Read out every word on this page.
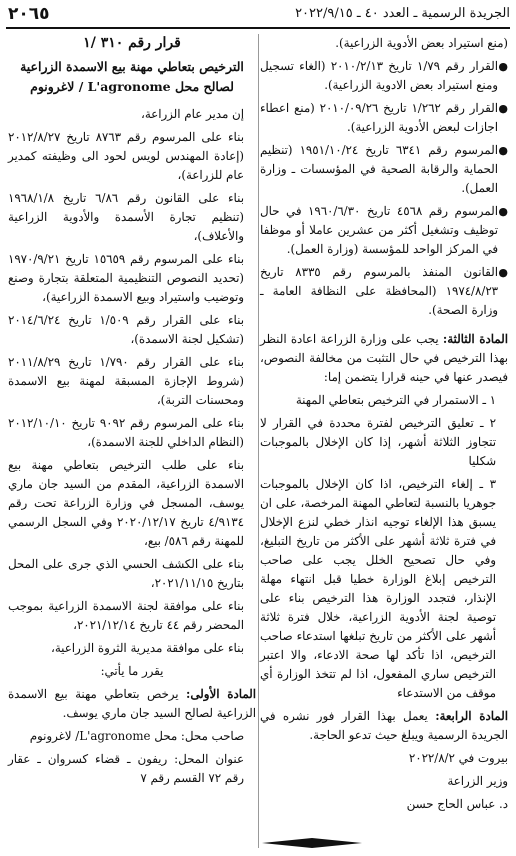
الجريدة الرسمية ـ العدد ٤٠ ـ ٢٠٢٢/٩/١٥
٢٠٦٥

(منع استيراد بعض الأدوية الزراعية).

●
القرار رقم ١/٧٩ تاريخ ٢٠١٠/٢/١٣ (الغاء تسجيل ومنع استيراد بعض الادوية الزراعية).

●
القرار رقم ١/٢٦٢ تاريخ ٢٠١٠/٠٩/٢٦ (منع اعطاء اجازات لبعض الأدوية الزراعية).

●
المرسوم رقم ٦٣٤١ تاريخ ١٩٥١/١٠/٢٤ (تنظيم الحماية والرقابة الصحية في المؤسسات ـ وزارة العمل).

●
المرسوم رقم ٤٥٦٨ تاريخ ١٩٦٠/٦/٣٠ في حال توظيف وتشغيل أكثر من عشرين عاملا أو موظفا في المركز الواحد للمؤسسة (وزارة العمل).

●
القانون المنفذ بالمرسوم رقم ٨٣٣٥ تاريخ ١٩٧٤/٨/٢٣ (المحافظة على النظافة العامة ـ وزارة الصحة).

المادة الثالثة: يجب على وزارة الزراعة اعادة النظر بهذا الترخيص في حال التثبت من مخالفة النصوص، فيصدر عنها في حينه قرارا يتضمن إما:

١ ـ الاستمرار في الترخيص بتعاطي المهنة

٢ ـ تعليق الترخيص لفترة محددة في القرار لا تتجاوز الثلاثة أشهر، إذا كان الإخلال بالموجبات شكليا

٣ ـ إلغاء الترخيص، اذا كان الإخلال بالموجبات جوهريا بالنسبة لتعاطي المهنة المرخصة، على ان يسبق هذا الإلغاء توجيه انذار خطي لنزع الإخلال في فترة ثلاثة أشهر على الأكثر من تاريخ التبليغ، وفي حال تصحيح الخلل يجب على صاحب الترخيص إبلاغ الوزارة خطيا قبل انتهاء مهلة الإنذار، فتجدد الوزارة هذا الترخيص بناء على توصية لجنة الأدوية الزراعية، خلال فترة ثلاثة أشهر على الأكثر من تاريخ تبلغها استدعاء صاحب الترخيص، اذا تأكد لها صحة الادعاء، والا اعتبر الترخيص ساري المفعول، اذا لم تتخذ الوزارة أي موقف من الاستدعاء

المادة الرابعة: يعمل بهذا القرار فور نشره في الجريدة الرسمية ويبلغ حيث تدعو الحاجة.

بيروت في ٢٠٢٢/٨/٢

وزير الزراعة

د. عباس الحاج حسن

قرار رقم ٣١٠ /١
الترخيص بتعاطي مهنة بيع الاسمدة الزراعية لصالح محل L'agronome / لاغرونوم

إن مدير عام الزراعة،

بناء على المرسوم رقم ٨٧٦٣ تاريخ ٢٠١٢/٨/٢٧ (إعادة المهندس لويس لحود الى وظيفته كمدير عام للزراعة)،

بناء على القانون رقم ٦/٨٦ تاريخ ١٩٦٨/١/٨ (تنظيم تجارة الأسمدة والأدوية الزراعية والأعلاف)،

بناء على المرسوم رقم ١٥٦٥٩ تاريخ ١٩٧٠/٩/٢١ (تحديد النصوص التنظيمية المتعلقة بتجارة وصنع وتوضيب واستيراد وبيع الاسمدة الزراعية)،

بناء على القرار رقم ١/٥٠٩ تاريخ ٢٠١٤/٦/٢٤ (تشكيل لجنة الاسمدة)،

بناء على القرار رقم ١/٧٩٠ تاريخ ٢٠١١/٨/٢٩ (شروط الإجازة المسبقة لمهنة بيع الاسمدة ومحسنات التربة)،

بناء على المرسوم رقم ٩٠٩٢ تاريخ ٢٠١٢/١٠/١٠ (النظام الداخلي للجنة الاسمدة)،

بناء على طلب الترخيص بتعاطي مهنة بيع الاسمدة الزراعية، المقدم من السيد جان ماري يوسف، المسجل في وزارة الزراعة تحت رقم ٤/٩١٣٤ تاريخ ٢٠٢٠/١٢/١٧ وفي السجل الرسمي للمهنة رقم ٥٨٦/ بيع،

بناء على الكشف الحسي الذي جرى على المحل بتاريخ ٢٠٢١/١١/١٥،

بناء على موافقة لجنة الاسمدة الزراعية بموجب المحضر رقم ٤٤ تاريخ ٢٠٢١/١٢/١٤،

بناء على موافقة مديرية الثروة الزراعية،

يقرر ما يأتي:

المادة الأولى: يرخص بتعاطي مهنة بيع الاسمدة الزراعية لصالح السيد جان ماري يوسف.

صاحب محل: محل L'agronome/ لاغرونوم

عنوان المحل: ريفون ـ قضاء كسروان ـ عقار رقم ٧٢ القسم رقم ٧
